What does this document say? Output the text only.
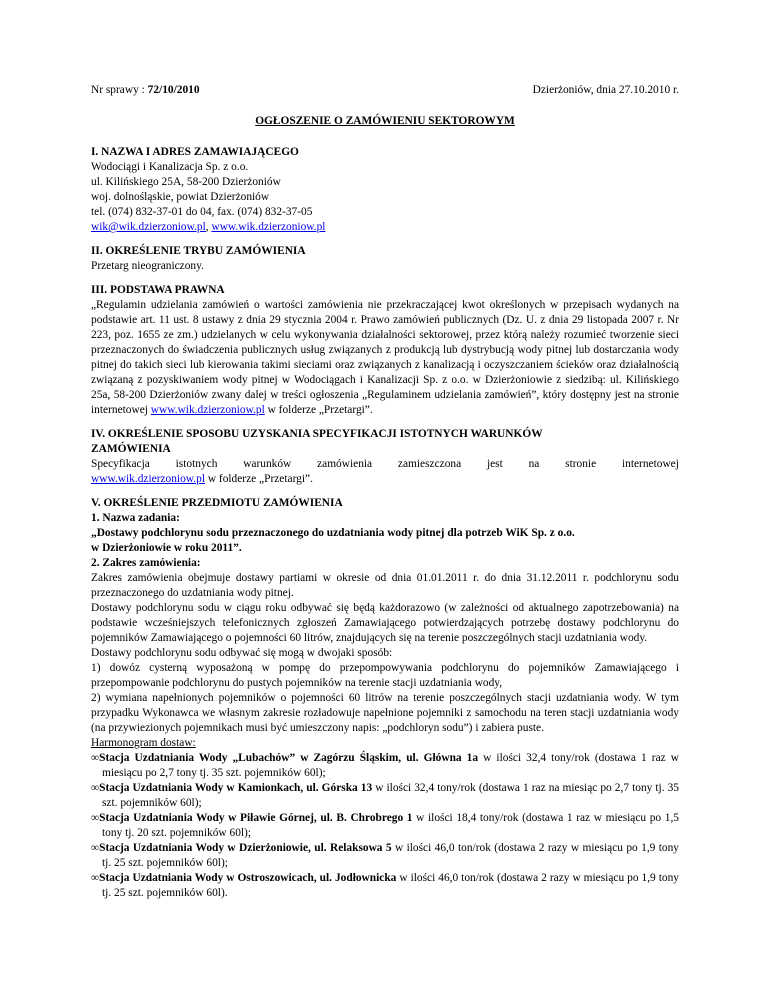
Nr sprawy : 72/10/2010	Dzierżoniów, dnia 27.10.2010 r.
OGŁOSZENIE O ZAMÓWIENIU SEKTOROWYM
I. NAZWA I ADRES ZAMAWIAJĄCEGO

Wodociągi i Kanalizacja Sp. z o.o.

ul. Kilińskiego 25A, 58-200 Dzierżoniów

woj. dolnośląskie, powiat Dzierżoniów

tel. (074) 832-37-01 do 04, fax. (074) 832-37-05

wik@wik.dzierzoniow.pl, www.wik.dzierzoniow.pl

II. OKREŚLENIE TRYBU ZAMÓWIENIA

Przetarg nieograniczony.

III. PODSTAWA PRAWNA

„Regulamin udzielania zamówień o wartości zamówienia nie przekraczającej kwot określonych w przepisach wydanych na podstawie art. 11 ust. 8 ustawy z dnia 29 stycznia 2004 r. Prawo zamówień publicznych (Dz. U. z dnia 29 listopada 2007 r. Nr 223, poz. 1655 ze zm.) udzielanych w celu wykonywania działalności sektorowej, przez którą należy rozumieć tworzenie sieci przeznaczonych do świadczenia publicznych usług związanych z produkcją lub dystrybucją wody pitnej lub dostarczania wody pitnej do takich sieci lub kierowania takimi sieciami oraz związanych z kanalizacją i oczyszczaniem ścieków oraz działalnością związaną z pozyskiwaniem wody pitnej w Wodociągach i Kanalizacji Sp. z o.o. w Dzierżoniowie z siedzibą: ul. Kilińskiego 25a, 58-200 Dzierżoniów zwany dalej w treści ogłoszenia „Regulaminem udzielania zamówień”, który dostępny jest na stronie internetowej www.wik.dzierzoniow.pl w folderze „Przetargi”.

IV. OKREŚLENIE SPOSOBU UZYSKANIA SPECYFIKACJI ISTOTNYCH WARUNKÓW
ZAMÓWIENIA
Specyfikacja istotnych warunków zamówienia zamieszczona jest na stronie internetowej

www.wik.dzierzoniow.pl w folderze „Przetargi”.

V. OKREŚLENIE PRZEDMIOTU ZAMÓWIENIA

1. Nazwa zadania:

„Dostawy podchlorynu sodu przeznaczonego do uzdatniania wody pitnej dla potrzeb WiK Sp. z o.o.

w Dzierżoniowie w roku 2011”.

2. Zakres zamówienia:

Zakres zamówienia obejmuje dostawy partiami w okresie od dnia 01.01.2011 r. do dnia 31.12.2011 r. podchlorynu sodu przeznaczonego do uzdatniania wody pitnej.

Dostawy podchlorynu sodu w ciągu roku odbywać się będą każdorazowo (w zależności od aktualnego zapotrzebowania) na podstawie wcześniejszych telefonicznych zgłoszeń Zamawiającego potwierdzających potrzebę dostawy podchlorynu do pojemników Zamawiającego o pojemności 60 litrów, znajdujących się na terenie poszczególnych stacji uzdatniania wody.

Dostawy podchlorynu sodu odbywać się mogą w dwojaki sposób:

1) dowóz cysterną wyposażoną w pompę do przepompowywania podchlorynu do pojemników Zamawiającego i przepompowanie podchlorynu do pustych pojemników na terenie stacji uzdatniania wody,

2) wymiana napełnionych pojemników o pojemności 60 litrów na terenie poszczególnych stacji uzdatniania wody. W tym przypadku Wykonawca we własnym zakresie rozładowuje napełnione pojemniki z samochodu na teren stacji uzdatniania wody (na przywiezionych pojemnikach musi być umieszczony napis: „podchloryn sodu”) i zabiera puste.

Harmonogram dostaw:

∞Stacja Uzdatniania Wody „Lubachów” w Zagórzu Śląskim, ul. Główna 1a w ilości 32,4 tony/rok (dostawa 1 raz w miesiącu po 2,7 tony tj. 35 szt. pojemników 60l);
∞Stacja Uzdatniania Wody w Kamionkach, ul. Górska 13 w ilości 32,4 tony/rok (dostawa 1 raz na miesiąc po 2,7 tony tj. 35 szt. pojemników 60l);
∞Stacja Uzdatniania Wody w Piławie Górnej, ul. B. Chrobrego 1 w ilości 18,4 tony/rok (dostawa 1 raz w miesiącu po 1,5 tony tj. 20 szt. pojemników 60l);
∞Stacja Uzdatniania Wody w Dzierżoniowie, ul. Relaksowa 5 w ilości 46,0 ton/rok (dostawa 2 razy w miesiącu po 1,9 tony tj. 25 szt. pojemników 60l);
∞Stacja Uzdatniania Wody w Ostroszowicach, ul. Jodłownicka w ilości 46,0 ton/rok (dostawa 2 razy w miesiącu po 1,9 tony tj. 25 szt. pojemników 60l).
